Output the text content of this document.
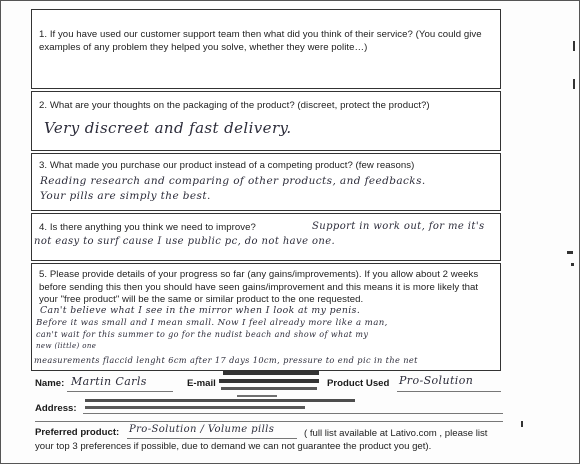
1. If you have used our customer support team then what did you think of their service? (You could give examples of any problem they helped you solve, whether they were polite…)
2. What are your thoughts on the packaging of the product? (discreet, protect the product?)
Very discreet and fast delivery.
3. What made you purchase our product instead of a competing product? (few reasons)
Reading research and comparing of other products, and feedbacks.
Your pills are simply the best.
4. Is there anything you think we need to improve?	Support in work out, for me it's
not easy to surf cause I use public pc, do not have one.
5. Please provide details of your progress so far (any gains/improvements). If you allow about 2 weeks before sending this then you should have seen gains/improvement and this means it is more likely that your "free product" will be the same or similar product to the one requested.
Can't believe what I see in the mirror when I look at my penis.
Before it was small and I mean small. Now I feel already more like a man,
can't wait for this summer to go for the nudist beach and show of what my
new (little) one
measurements flaccid lenght 6cm after 17 days 10cm, pressure to end pic in the net
Name: Martin Carls	E-mail	Product Used Pro-Solution
Address:
Preferred product: Pro-Solution / Volume pills	( full list available at Lativo.com , please list
your top 3 preferences if possible, due to demand we can not guarantee the product you get).
